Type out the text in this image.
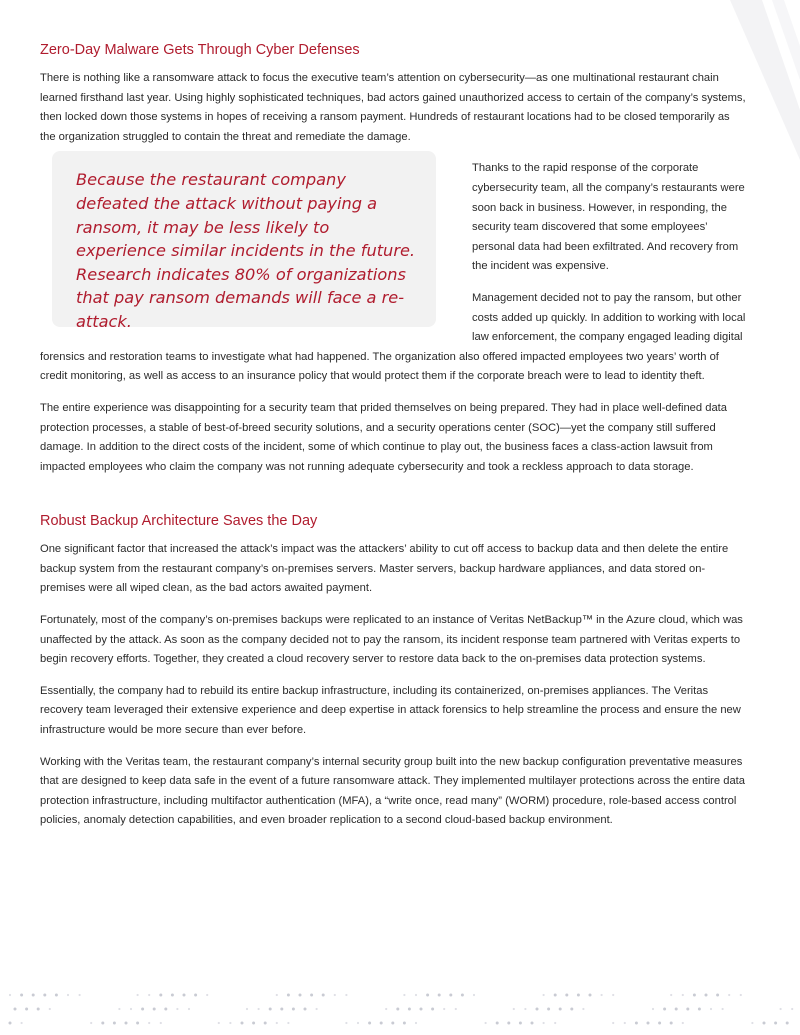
Zero-Day Malware Gets Through Cyber Defenses

There is nothing like a ransomware attack to focus the executive team’s attention on cybersecurity—as one multinational restaurant chain learned firsthand last year. Using highly sophisticated techniques, bad actors gained unauthorized access to certain of the company’s systems, then locked down those systems in hopes of receiving a ransom payment. Hundreds of restaurant locations had to be closed temporarily as the organization struggled to contain the threat and remediate the damage.

Because the restaurant company defeated the attack without paying a ransom, it may be less likely to experience similar incidents in the future. Research indicates 80% of organizations that pay ransom demands will face a re-attack.

Thanks to the rapid response of the corporate cybersecurity team, all the company’s restaurants were soon back in business. However, in responding, the security team discovered that some employees’ personal data had been exfiltrated. And recovery from the incident was expensive.

Management decided not to pay the ransom, but other costs added up quickly. In addition to working with local law enforcement, the company engaged leading digital forensics and restoration teams to investigate what had happened. The organization also offered impacted employees two years’ worth of credit monitoring, as well as access to an insurance policy that would protect them if the corporate breach were to lead to identity theft.

The entire experience was disappointing for a security team that prided themselves on being prepared. They had in place well-defined data protection processes, a stable of best-of-breed security solutions, and a security operations center (SOC)—yet the company still suffered damage. In addition to the direct costs of the incident, some of which continue to play out, the business faces a class-action lawsuit from impacted employees who claim the company was not running adequate cybersecurity and took a reckless approach to data storage.

Robust Backup Architecture Saves the Day

One significant factor that increased the attack’s impact was the attackers’ ability to cut off access to backup data and then delete the entire backup system from the restaurant company’s on-premises servers. Master servers, backup hardware appliances, and data stored on-premises were all wiped clean, as the bad actors awaited payment.

Fortunately, most of the company’s on-premises backups were replicated to an instance of Veritas NetBackup™ in the Azure cloud, which was unaffected by the attack. As soon as the company decided not to pay the ransom, its incident response team partnered with Veritas experts to begin recovery efforts. Together, they created a cloud recovery server to restore data back to the on-premises data protection systems.

Essentially, the company had to rebuild its entire backup infrastructure, including its containerized, on-premises appliances. The Veritas recovery team leveraged their extensive experience and deep expertise in attack forensics to help streamline the process and ensure the new infrastructure would be more secure than ever before.

Working with the Veritas team, the restaurant company’s internal security group built into the new backup configuration preventative measures that are designed to keep data safe in the event of a future ransomware attack. They implemented multilayer protections across the entire data protection infrastructure, including multifactor authentication (MFA), a “write once, read many” (WORM) procedure, role-based access control policies, anomaly detection capabilities, and even broader replication to a second cloud-based backup environment.
